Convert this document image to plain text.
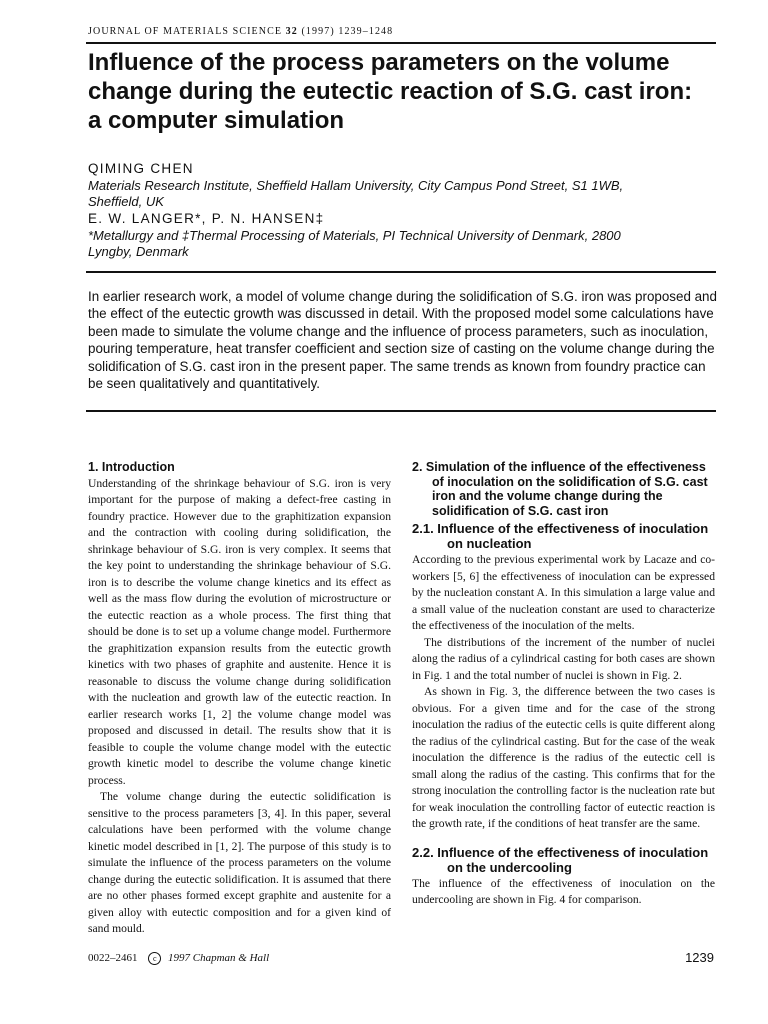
JOURNAL OF MATERIALS SCIENCE 32 (1997) 1239–1248
Influence of the process parameters on the volume change during the eutectic reaction of S.G. cast iron: a computer simulation
QIMING CHEN
Materials Research Institute, Sheffield Hallam University, City Campus Pond Street, S1 1WB,
Sheffield, UK
E. W. LANGER*, P. N. HANSEN‡
*Metallurgy and ‡Thermal Processing of Materials, PI Technical University of Denmark, 2800
Lyngby, Denmark

In earlier research work, a model of volume change during the solidification of S.G. iron was proposed and the effect of the eutectic growth was discussed in detail. With the proposed model some calculations have been made to simulate the volume change and the influence of process parameters, such as inoculation, pouring temperature, heat transfer coefficient and section size of casting on the volume change during the solidification of S.G. cast iron in the present paper. The same trends as known from foundry practice can be seen qualitatively and quantitatively.

1. Introduction

Understanding of the shrinkage behaviour of S.G. iron is very important for the purpose of making a defect-free casting in foundry practice. However due to the graphitization expansion and the contraction with cooling during solidification, the shrinkage behaviour of S.G. iron is very complex. It seems that the key point to understanding the shrinkage behaviour of S.G. iron is to describe the volume change kinetics and its effect as well as the mass flow during the evolution of microstructure or the eutectic reaction as a whole process. The first thing that should be done is to set up a volume change model. Furthermore the graphitization expansion results from the eutectic growth kinetics with two phases of graphite and austenite. Hence it is reasonable to discuss the volume change during solidification with the nucleation and growth law of the eutectic reaction. In earlier research works [1, 2] the volume change model was proposed and discussed in detail. The results show that it is feasible to couple the volume change model with the eutectic growth kinetic model to describe the volume change kinetic process.

The volume change during the eutectic solidification is sensitive to the process parameters [3, 4]. In this paper, several calculations have been performed with the volume change kinetic model described in [1, 2]. The purpose of this study is to simulate the influence of the process parameters on the volume change during the eutectic solidification. It is assumed that there are no other phases formed except graphite and austenite for a given alloy with eutectic composition and for a given kind of sand mould.

2. Simulation of the influence of the effectiveness of inoculation on the solidification of S.G. cast iron and the volume change during the solidification of S.G. cast iron
2.1. Influence of the effectiveness of inoculation on nucleation

According to the previous experimental work by Lacaze and co-workers [5, 6] the effectiveness of inoculation can be expressed by the nucleation constant A. In this simulation a large value and a small value of the nucleation constant are used to characterize the effectiveness of the inoculation of the melts.

The distributions of the increment of the number of nuclei along the radius of a cylindrical casting for both cases are shown in Fig. 1 and the total number of nuclei is shown in Fig. 2.

As shown in Fig. 3, the difference between the two cases is obvious. For a given time and for the case of the strong inoculation the radius of the eutectic cells is quite different along the radius of the cylindrical casting. But for the case of the weak inoculation the difference is the radius of the eutectic cell is small along the radius of the casting. This confirms that for the strong inoculation the controlling factor is the nucleation rate but for weak inoculation the controlling factor of eutectic reaction is the growth rate, if the conditions of heat transfer are the same.

2.2. Influence of the effectiveness of inoculation on the undercooling

The influence of the effectiveness of inoculation on the undercooling are shown in Fig. 4 for comparison.

0022–2461 c 1997 Chapman & Hall	1239
